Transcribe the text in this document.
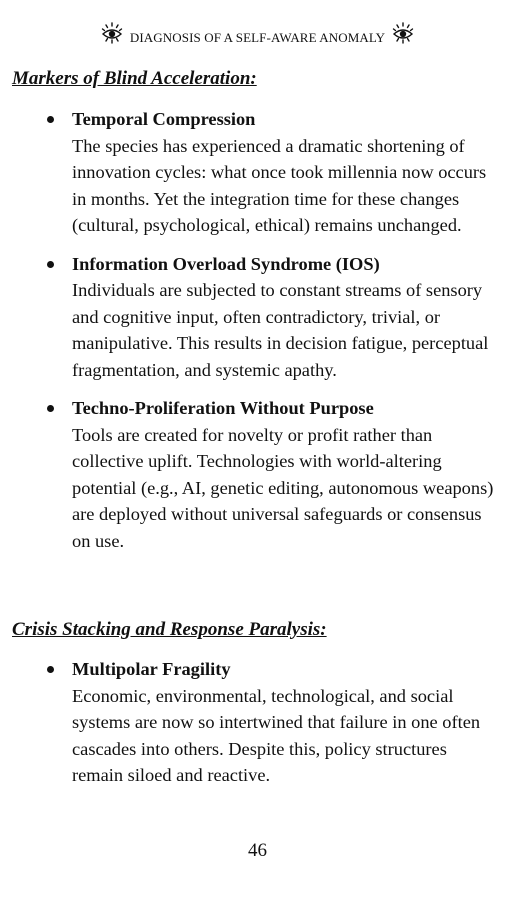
DIAGNOSIS OF A SELF-AWARE ANOMALY
Markers of Blind Acceleration:
Temporal Compression
The species has experienced a dramatic shortening of innovation cycles: what once took millennia now occurs in months. Yet the integration time for these changes (cultural, psychological, ethical) remains unchanged.
Information Overload Syndrome (IOS)
Individuals are subjected to constant streams of sensory and cognitive input, often contradictory, trivial, or manipulative. This results in decision fatigue, perceptual fragmentation, and systemic apathy.
Techno-Proliferation Without Purpose
Tools are created for novelty or profit rather than collective uplift. Technologies with world-altering potential (e.g., AI, genetic editing, autonomous weapons) are deployed without universal safeguards or consensus on use.
Crisis Stacking and Response Paralysis:
Multipolar Fragility
Economic, environmental, technological, and social systems are now so intertwined that failure in one often cascades into others. Despite this, policy structures remain siloed and reactive.
46
